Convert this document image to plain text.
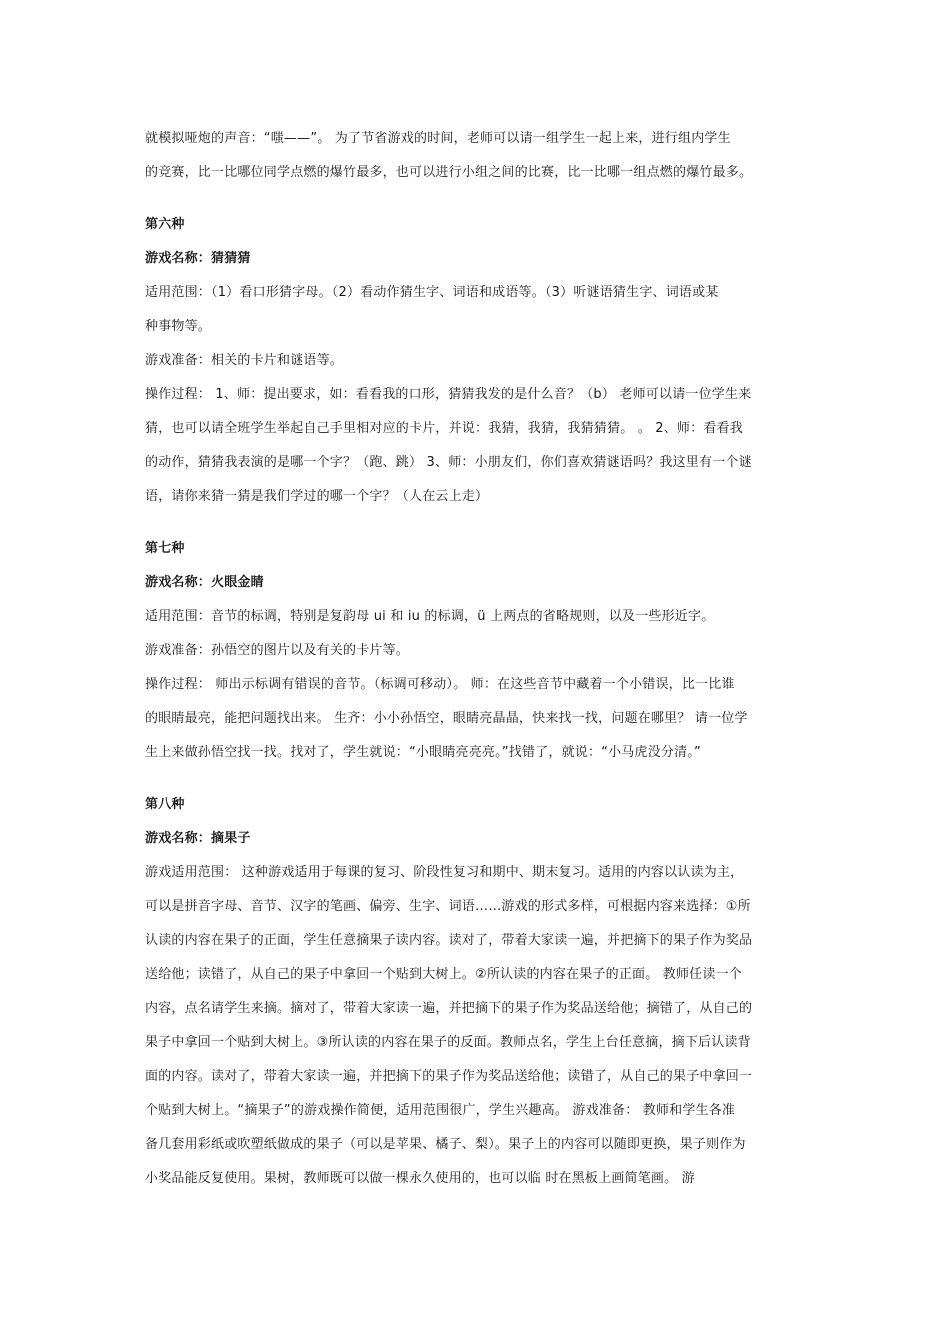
就模拟哑炮的声音：“嗤——”。 为了节省游戏的时间，老师可以请一组学生一起上来，进行组内学生
的竞赛，比一比哪位同学点燃的爆竹最多，也可以进行小组之间的比赛，比一比哪一组点燃的爆竹最多。
第六种
游戏名称：猜猜猜
适用范围：（1）看口形猜字母。（2）看动作猜生字、词语和成语等。（3）听谜语猜生字、词语或某
种事物等。
游戏准备：相关的卡片和谜语等。
操作过程： 1、师：提出要求，如：看看我的口形，猜猜我发的是什么音？（b） 老师可以请一位学生来
猜，也可以请全班学生举起自己手里相对应的卡片，并说：我猜，我猜，我猜猜猜。 。 2、师：看看我
的动作，猜猜我表演的是哪一个字？（跑、跳） 3、师：小朋友们，你们喜欢猜谜语吗？我这里有一个谜
语，请你来猜一猜是我们学过的哪一个字？（人在云上走）
第七种
游戏名称：火眼金睛
适用范围：音节的标调，特别是复韵母 ui 和 iu 的标调，ü 上两点的省略规则，以及一些形近字。
游戏准备：孙悟空的图片以及有关的卡片等。
操作过程： 师出示标调有错误的音节。（标调可移动）。 师：在这些音节中藏着一个小错误，比一比谁
的眼睛最亮，能把问题找出来。 生齐：小小孙悟空，眼睛亮晶晶，快来找一找，问题在哪里？ 请一位学
生上来做孙悟空找一找。找对了，学生就说：“小眼睛亮亮亮。”找错了，就说：“小马虎没分清。”
第八种
游戏名称：摘果子
游戏适用范围： 这种游戏适用于每课的复习、阶段性复习和期中、期末复习。适用的内容以认读为主，
可以是拼音字母、音节、汉字的笔画、偏旁、生字、词语……游戏的形式多样，可根据内容来选择：①所
认读的内容在果子的正面，学生任意摘果子读内容。读对了，带着大家读一遍，并把摘下的果子作为奖品
送给他；读错了，从自己的果子中拿回一个贴到大树上。②所认读的内容在果子的正面。 教师任读一个
内容，点名请学生来摘。摘对了，带着大家读一遍，并把摘下的果子作为奖品送给他；摘错了，从自己的
果子中拿回一个贴到大树上。③所认读的内容在果子的反面。教师点名，学生上台任意摘，摘下后认读背
面的内容。读对了，带着大家读一遍，并把摘下的果子作为奖品送给他；读错了，从自己的果子中拿回一
个贴到大树上。“摘果子”的游戏操作简便，适用范围很广，学生兴趣高。 游戏准备： 教师和学生各准
备几套用彩纸或吹塑纸做成的果子（可以是苹果、橘子、梨）。果子上的内容可以随即更换，果子则作为
小奖品能反复使用。果树，教师既可以做一棵永久使用的，也可以临 时在黑板上画简笔画。 游
